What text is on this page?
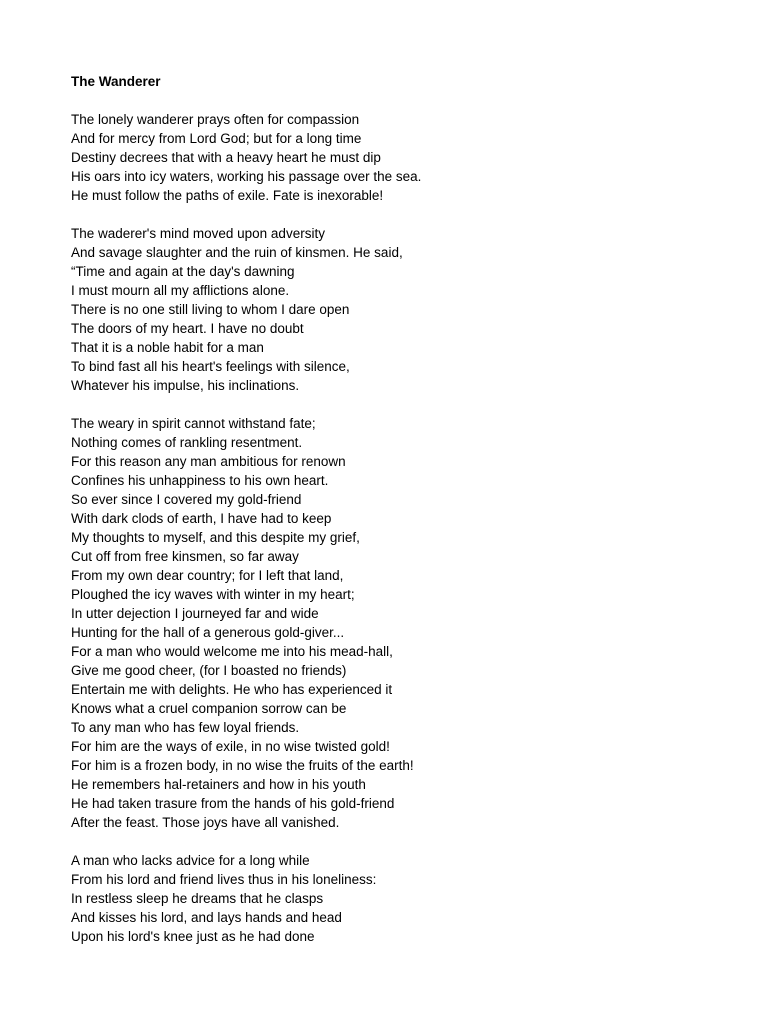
The Wanderer
The lonely wanderer prays often for compassion
And for mercy from Lord God; but for a long time
Destiny decrees that with a heavy heart he must dip
His oars into icy waters, working his passage over the sea.
He must follow the paths of exile. Fate is inexorable!
The waderer's mind moved upon adversity
And savage slaughter and the ruin of kinsmen. He said,
“Time and again at the day's dawning
I must mourn all my afflictions alone.
There is no one still living to whom I dare open
The doors of my heart. I have no doubt
That it is a noble habit for a man
To bind fast all his heart's feelings with silence,
Whatever his impulse, his inclinations.
The weary in spirit cannot withstand fate;
Nothing comes of rankling resentment.
For this reason any man ambitious for renown
Confines his unhappiness to his own heart.
So ever since I covered my gold-friend
With dark clods of earth, I have had to keep
My thoughts to myself, and this despite my grief,
Cut off from free kinsmen, so far away
From my own dear country; for I left that land,
Ploughed the icy waves with winter in my heart;
In utter dejection I journeyed far and wide
Hunting for the hall of a generous gold-giver...
For a man who would welcome me into his mead-hall,
Give me good cheer, (for I boasted no friends)
Entertain me with delights. He who has experienced it
Knows what a cruel companion sorrow can be
To any man who has few loyal friends.
For him are the ways of exile, in no wise twisted gold!
For him is a frozen body, in no wise the fruits of the earth!
He remembers hal-retainers and how in his youth
He had taken trasure from the hands of his gold-friend
After the feast. Those joys have all vanished.
A man who lacks advice for a long while
From his lord and friend lives thus in his loneliness:
In restless sleep he dreams that he clasps
And kisses his lord, and lays hands and head
Upon his lord's knee just as he had done
